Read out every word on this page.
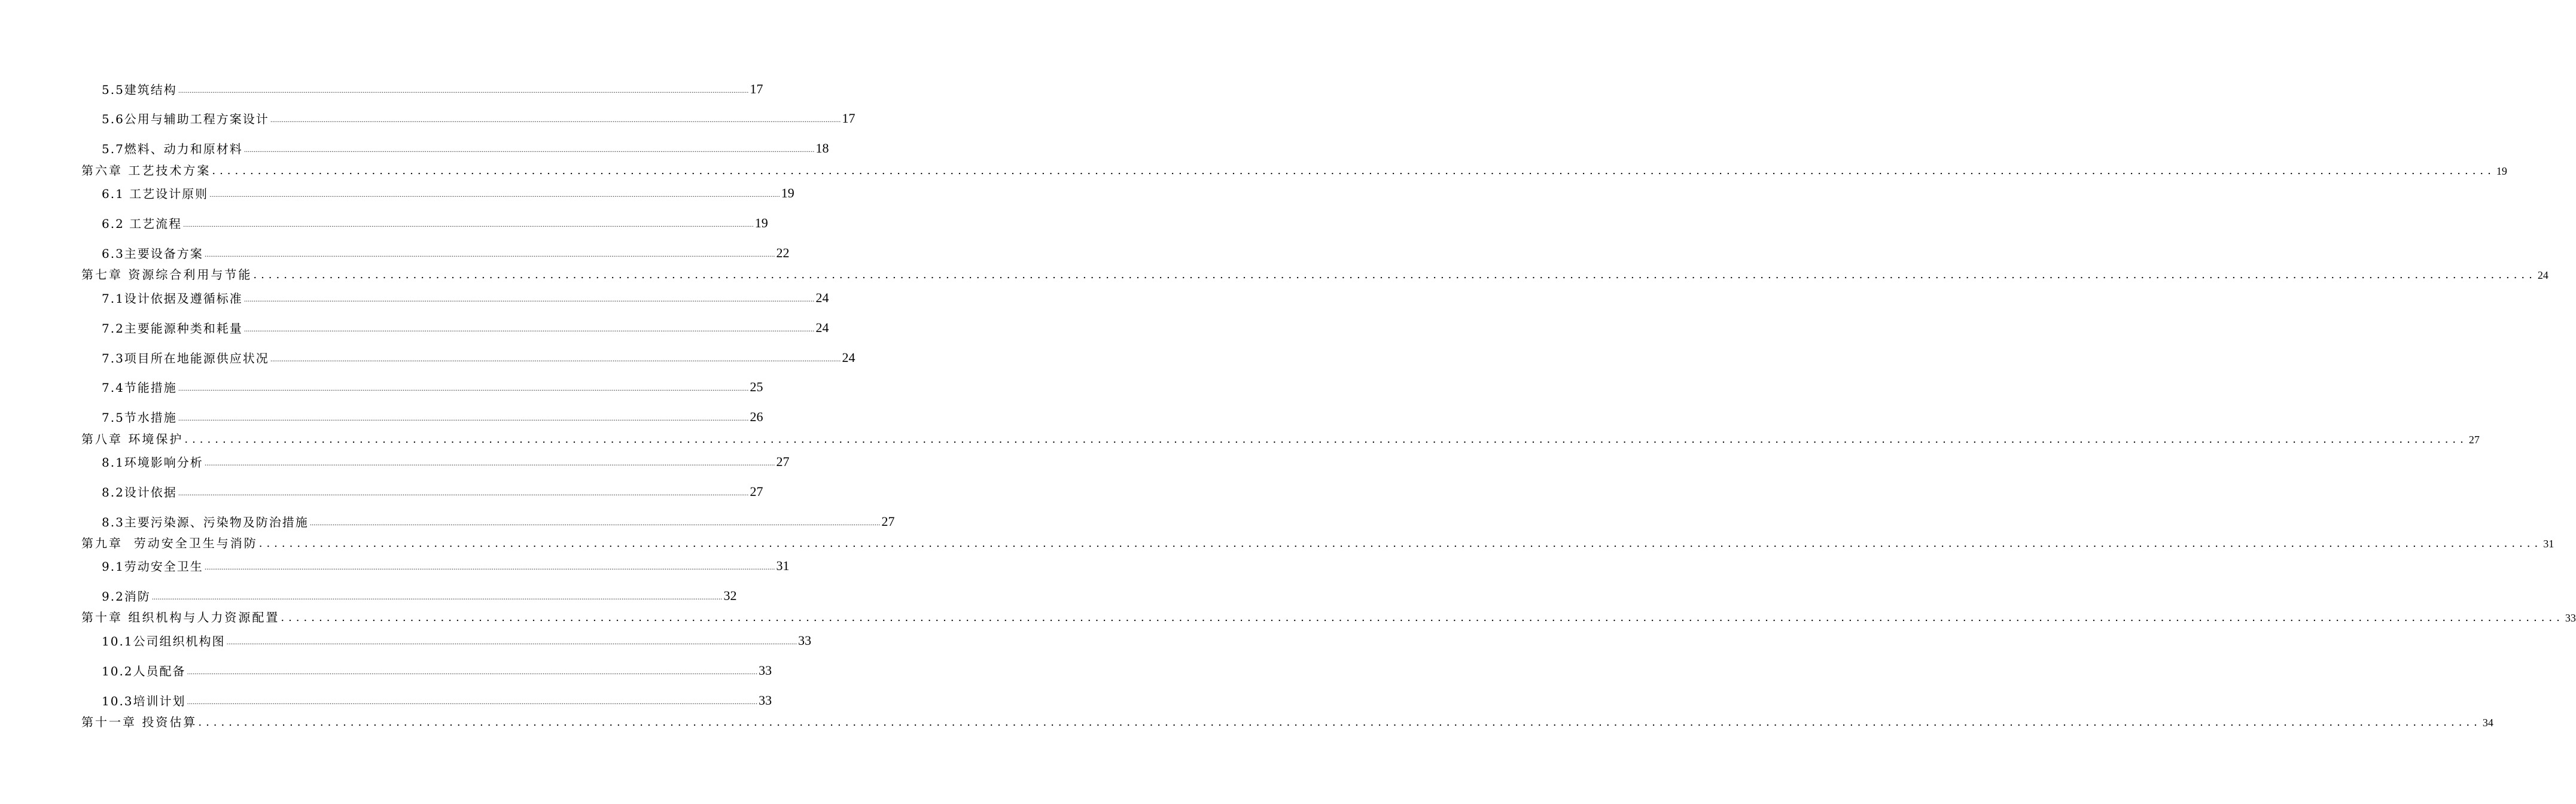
5.5建筑结构 ............................................................................................................................................................................................................................................................................................................ 17
5.6公用与辅助工程方案设计 ............................................................................................................................................................................................................................................................................................................ 17
5.7燃料、动力和原材料 ............................................................................................................................................................................................................................................................................................................ 18
第六章 工艺技术方案 ............................................................................................................................................................................................................................................................................................................ 19
6.1 工艺设计原则 ............................................................................................................................................................................................................................................................................................................ 19
6.2 工艺流程 ............................................................................................................................................................................................................................................................................................................ 19
6.3主要设备方案 ............................................................................................................................................................................................................................................................................................................ 22
第七章 资源综合利用与节能 ............................................................................................................................................................................................................................................................................................................ 24
7.1设计依据及遵循标准 ............................................................................................................................................................................................................................................................................................................ 24
7.2主要能源种类和耗量 ............................................................................................................................................................................................................................................................................................................ 24
7.3项目所在地能源供应状况 ............................................................................................................................................................................................................................................................................................................ 24
7.4节能措施 ............................................................................................................................................................................................................................................................................................................ 25
7.5节水措施 ............................................................................................................................................................................................................................................................................................................ 26
第八章 环境保护 ............................................................................................................................................................................................................................................................................................................ 27
8.1环境影响分析 ............................................................................................................................................................................................................................................................................................................ 27
8.2设计依据 ............................................................................................................................................................................................................................................................................................................ 27
8.3主要污染源、污染物及防治措施 ............................................................................................................................................................................................................................................................................................................ 27
第九章  劳动安全卫生与消防 ............................................................................................................................................................................................................................................................................................................ 31
9.1劳动安全卫生 ............................................................................................................................................................................................................................................................................................................ 31
9.2消防 ............................................................................................................................................................................................................................................................................................................ 32
第十章 组织机构与人力资源配置 ............................................................................................................................................................................................................................................................................................................ 33
10.1公司组织机构图 ............................................................................................................................................................................................................................................................................................................ 33
10.2人员配备 ............................................................................................................................................................................................................................................................................................................ 33
10.3培训计划 ............................................................................................................................................................................................................................................................................................................ 33
第十一章 投资估算 ............................................................................................................................................................................................................................................................................................................ 34
